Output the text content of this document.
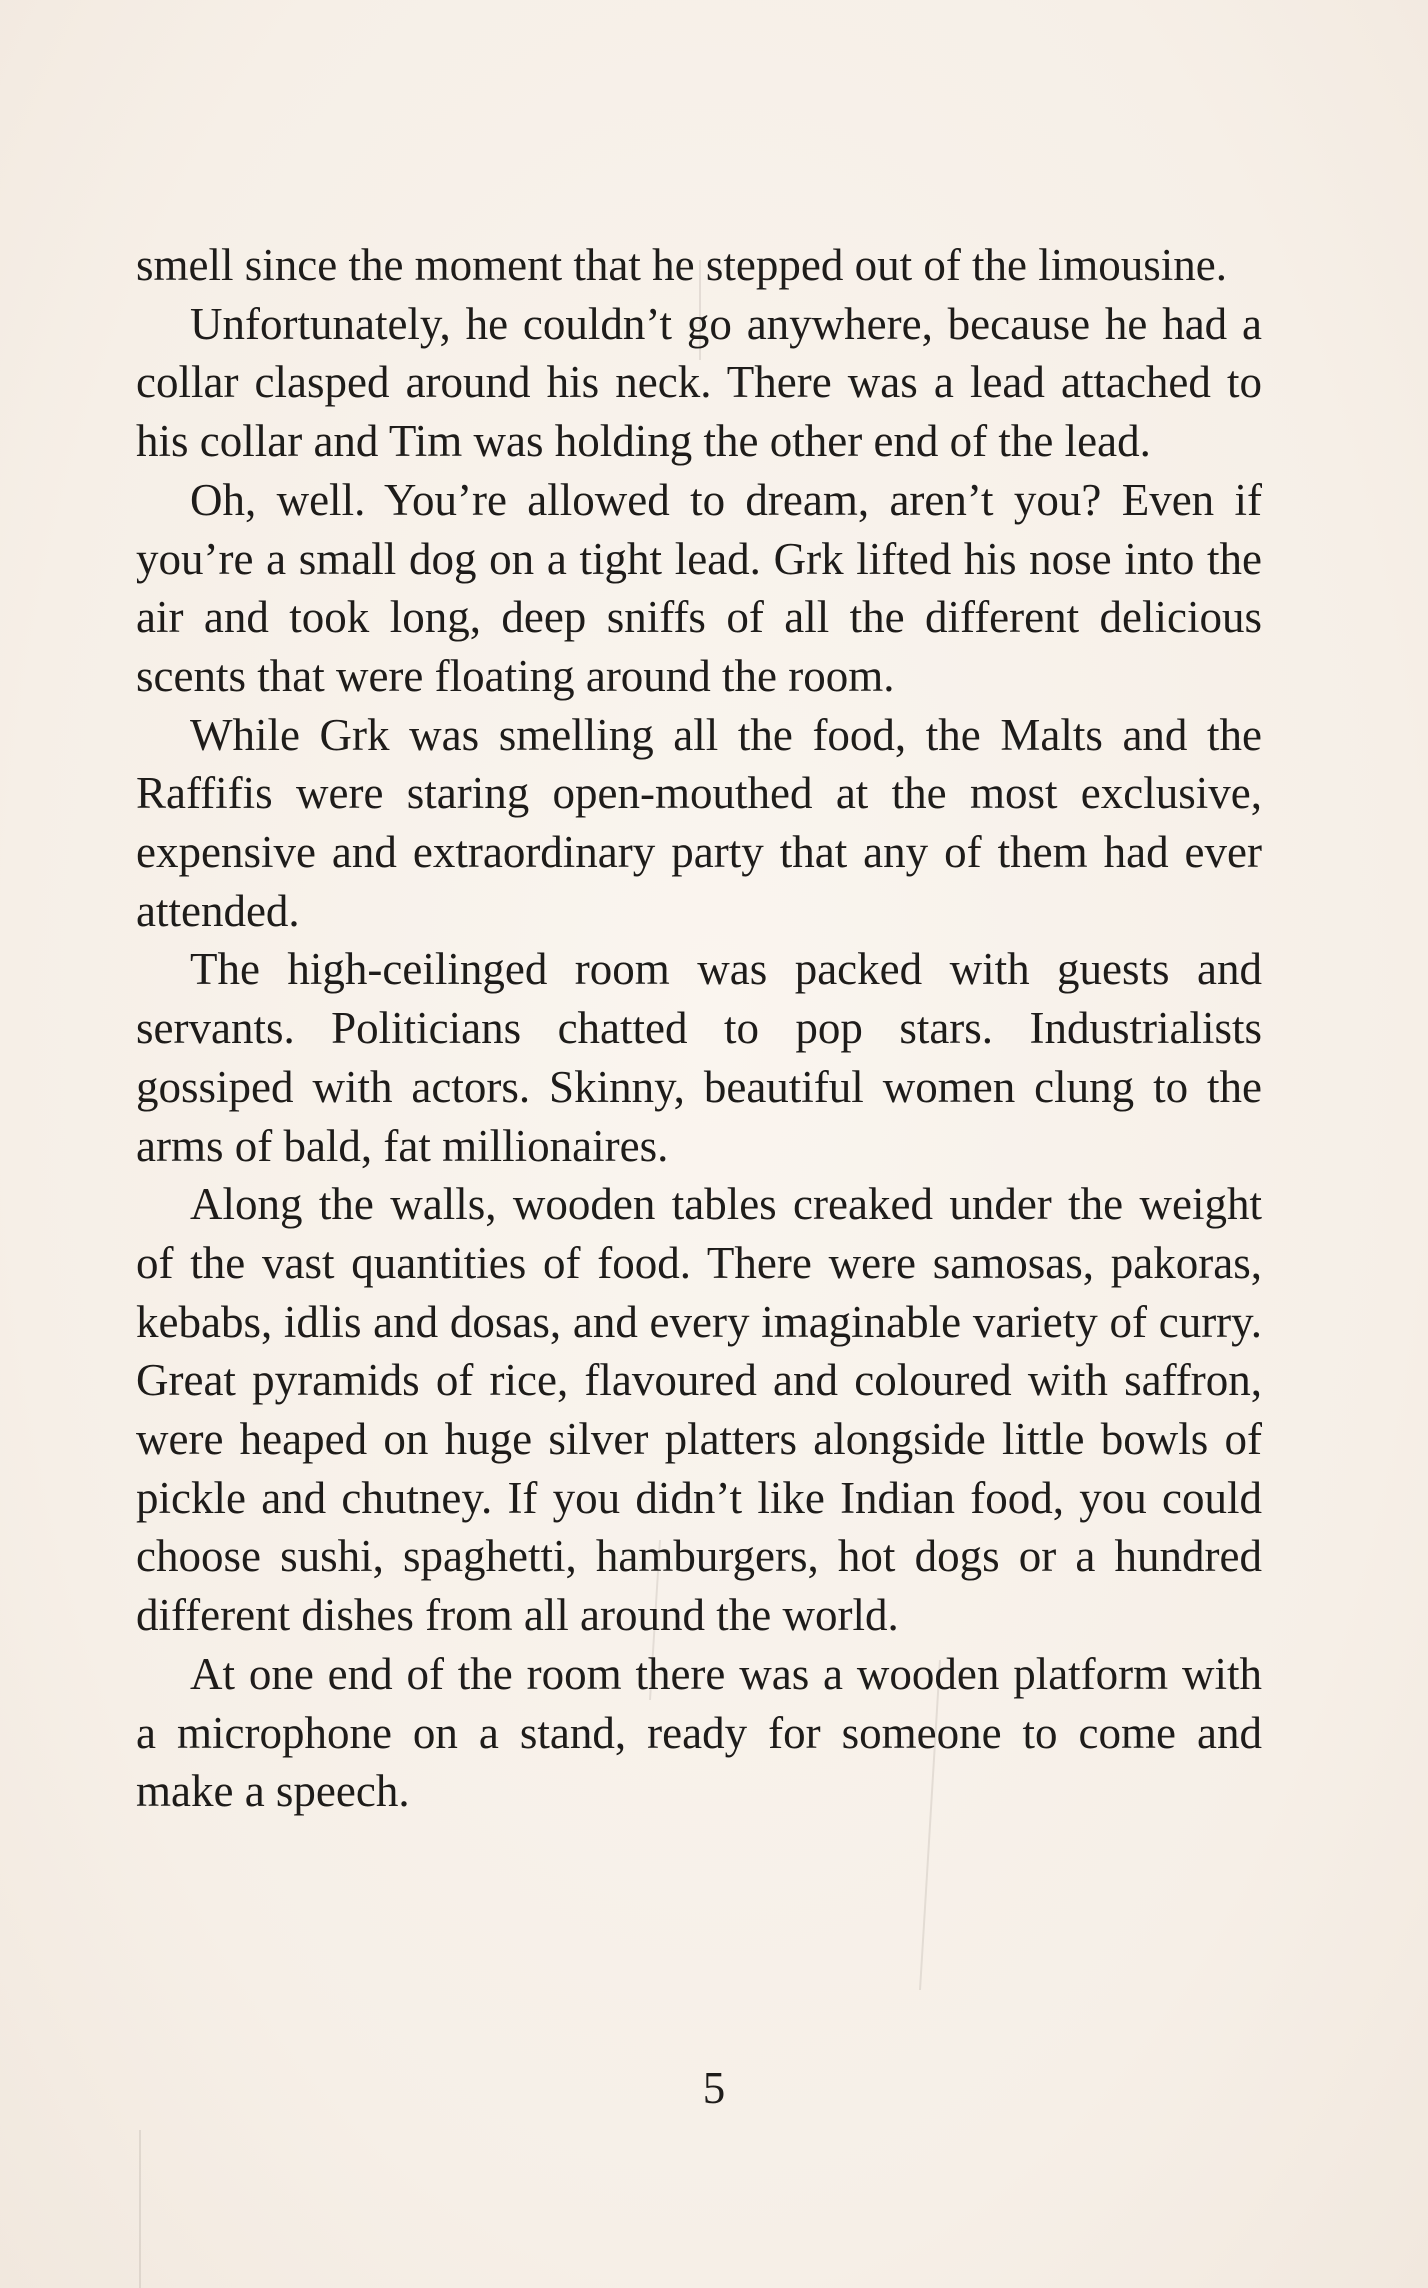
smell since the moment that he stepped out of the limousine.

Unfortunately, he couldn’t go anywhere, because he had a collar clasped around his neck. There was a lead attached to his collar and Tim was holding the other end of the lead.

Oh, well. You’re allowed to dream, aren’t you? Even if you’re a small dog on a tight lead. Grk lifted his nose into the air and took long, deep sniffs of all the different delicious scents that were floating around the room.

While Grk was smelling all the food, the Malts and the Raffifis were staring open-mouthed at the most exclusive, expensive and extraordinary party that any of them had ever attended.

The high-ceilinged room was packed with guests and servants. Politicians chatted to pop stars. Industrialists gossiped with actors. Skinny, beautiful women clung to the arms of bald, fat millionaires.

Along the walls, wooden tables creaked under the weight of the vast quantities of food. There were samosas, pakoras, kebabs, idlis and dosas, and every imaginable variety of curry. Great pyramids of rice, flavoured and coloured with saffron, were heaped on huge silver platters alongside little bowls of pickle and chutney. If you didn’t like Indian food, you could choose sushi, spaghetti, hamburgers, hot dogs or a hundred different dishes from all around the world.

At one end of the room there was a wooden platform with a microphone on a stand, ready for someone to come and make a speech.

5
